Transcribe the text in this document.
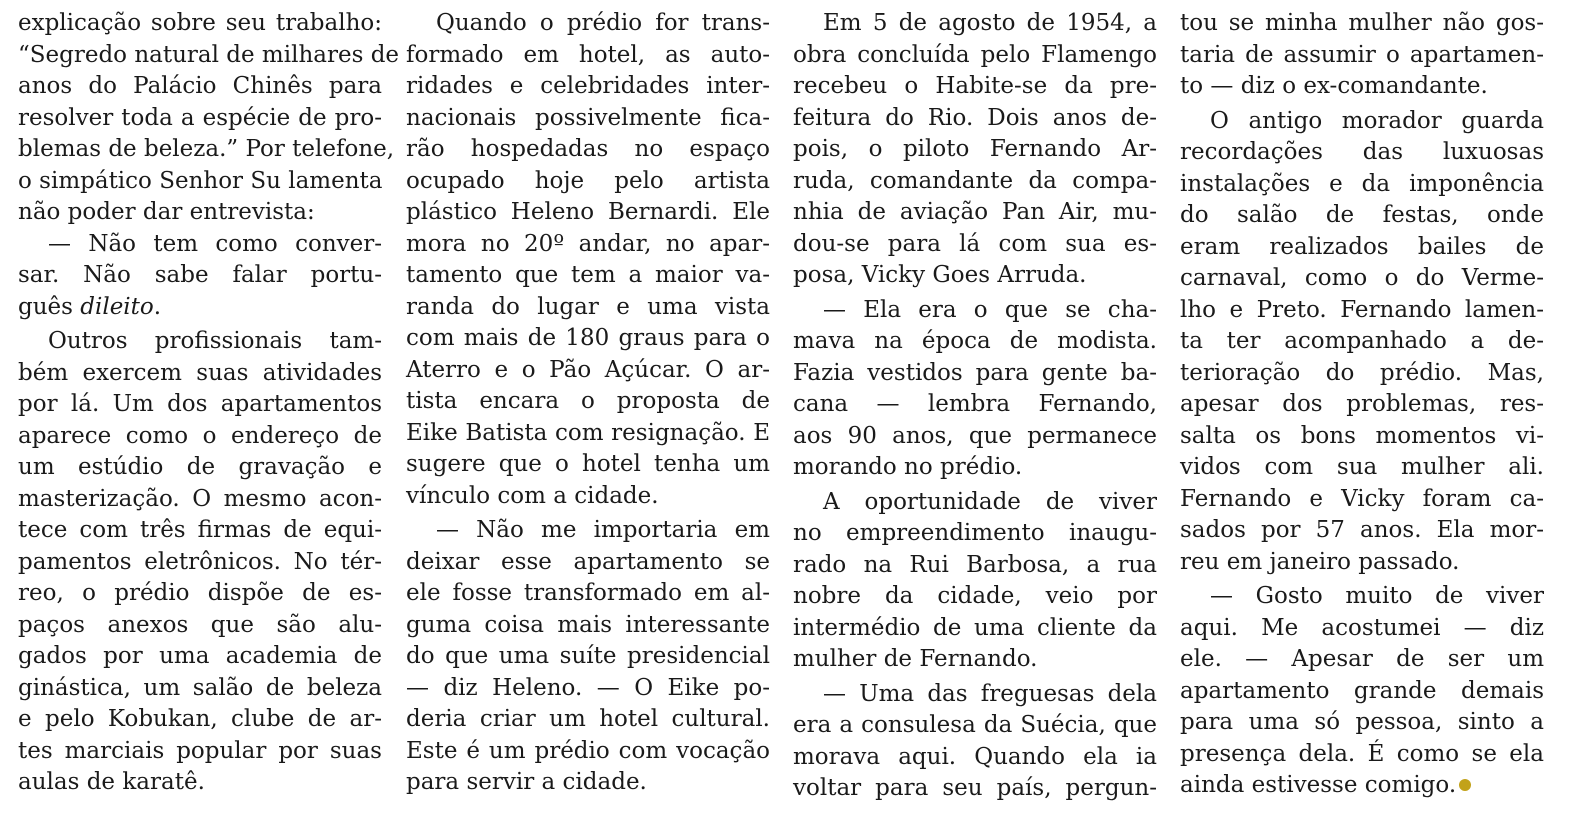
explicação sobre seu trabalho:
“Segredo natural de milhares de
anos do Palácio Chinês para
resolver toda a espécie de pro-
blemas de beleza.” Por telefone,
o simpático Senhor Su lamenta
não poder dar entrevista:
— Não tem como conver-
sar. Não sabe falar portu-
guês dileito.
Outros profissionais tam-
bém exercem suas atividades
por lá. Um dos apartamentos
aparece como o endereço de
um estúdio de gravação e
masterização. O mesmo acon-
tece com três firmas de equi-
pamentos eletrônicos. No tér-
reo, o prédio dispõe de es-
paços anexos que são alu-
gados por uma academia de
ginástica, um salão de beleza
e pelo Kobukan, clube de ar-
tes marciais popular por suas
aulas de karatê.
Quando o prédio for trans-
formado em hotel, as auto-
ridades e celebridades inter-
nacionais possivelmente fica-
rão hospedadas no espaço
ocupado hoje pelo artista
plástico Heleno Bernardi. Ele
mora no 20º andar, no apar-
tamento que tem a maior va-
randa do lugar e uma vista
com mais de 180 graus para o
Aterro e o Pão Açúcar. O ar-
tista encara o proposta de
Eike Batista com resignação. E
sugere que o hotel tenha um
vínculo com a cidade.
— Não me importaria em
deixar esse apartamento se
ele fosse transformado em al-
guma coisa mais interessante
do que uma suíte presidencial
— diz Heleno. — O Eike po-
deria criar um hotel cultural.
Este é um prédio com vocação
para servir a cidade.
Em 5 de agosto de 1954, a
obra concluída pelo Flamengo
recebeu o Habite-se da pre-
feitura do Rio. Dois anos de-
pois, o piloto Fernando Ar-
ruda, comandante da compa-
nhia de aviação Pan Air, mu-
dou-se para lá com sua es-
posa, Vicky Goes Arruda.
— Ela era o que se cha-
mava na época de modista.
Fazia vestidos para gente ba-
cana — lembra Fernando,
aos 90 anos, que permanece
morando no prédio.
A oportunidade de viver
no empreendimento inaugu-
rado na Rui Barbosa, a rua
nobre da cidade, veio por
intermédio de uma cliente da
mulher de Fernando.
— Uma das freguesas dela
era a consulesa da Suécia, que
morava aqui. Quando ela ia
voltar para seu país, pergun-
tou se minha mulher não gos-
taria de assumir o apartamen-
to — diz o ex-comandante.
O antigo morador guarda
recordações das luxuosas
instalações e da imponência
do salão de festas, onde
eram realizados bailes de
carnaval, como o do Verme-
lho e Preto. Fernando lamen-
ta ter acompanhado a de-
terioração do prédio. Mas,
apesar dos problemas, res-
salta os bons momentos vi-
vidos com sua mulher ali.
Fernando e Vicky foram ca-
sados por 57 anos. Ela mor-
reu em janeiro passado.
— Gosto muito de viver
aqui. Me acostumei — diz
ele. — Apesar de ser um
apartamento grande demais
para uma só pessoa, sinto a
presença dela. É como se ela
ainda estivesse comigo.
